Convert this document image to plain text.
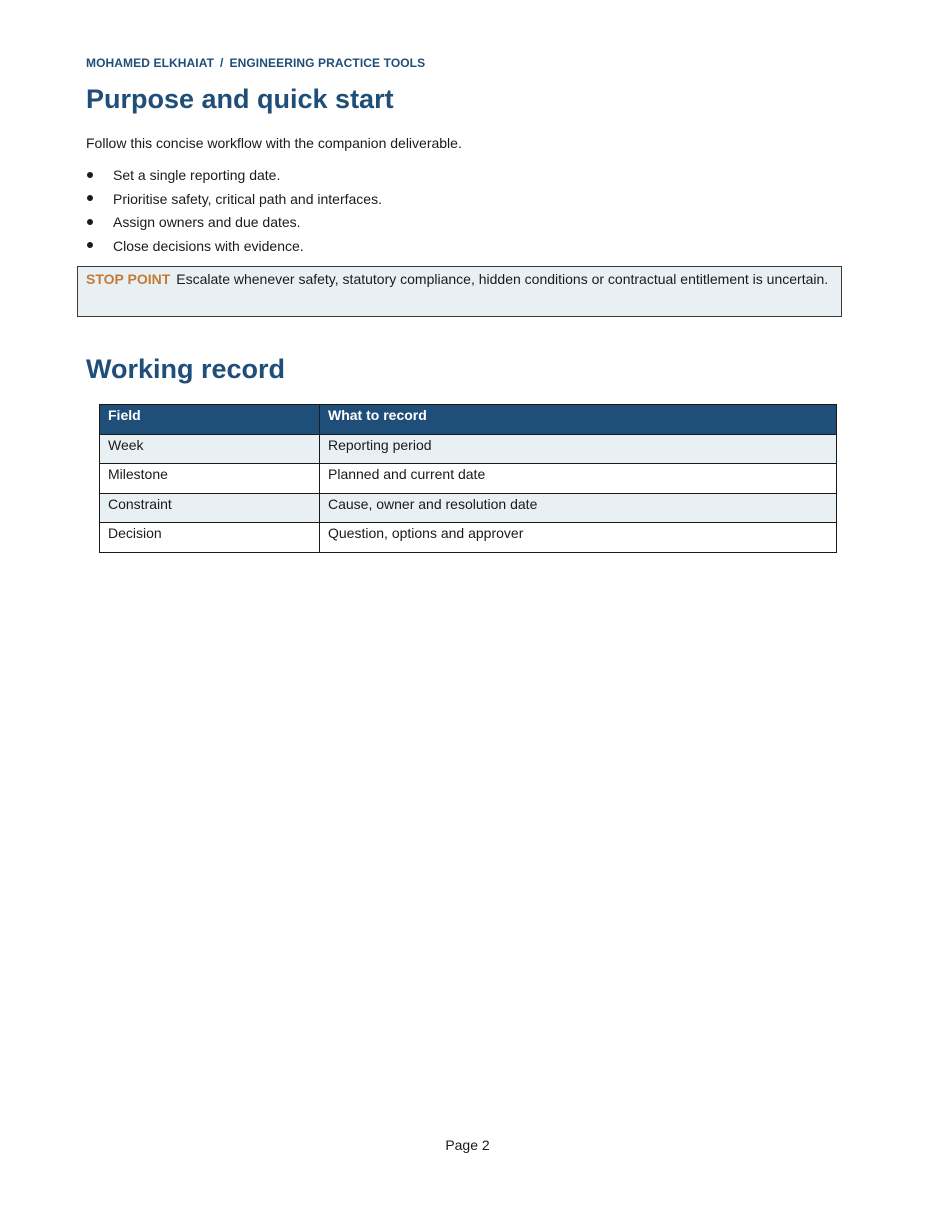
MOHAMED ELKHAIAT / ENGINEERING PRACTICE TOOLS
Purpose and quick start

Follow this concise workflow with the companion deliverable.

Set a single reporting date.
Prioritise safety, critical path and interfaces.
Assign owners and due dates.
Close decisions with evidence.
STOP POINT Escalate whenever safety, statutory compliance, hidden conditions or contractual entitlement is uncertain.
Working record
Field	What to record
Week	Reporting period
Milestone	Planned and current date
Constraint	Cause, owner and resolution date
Decision	Question, options and approver
Page 2
